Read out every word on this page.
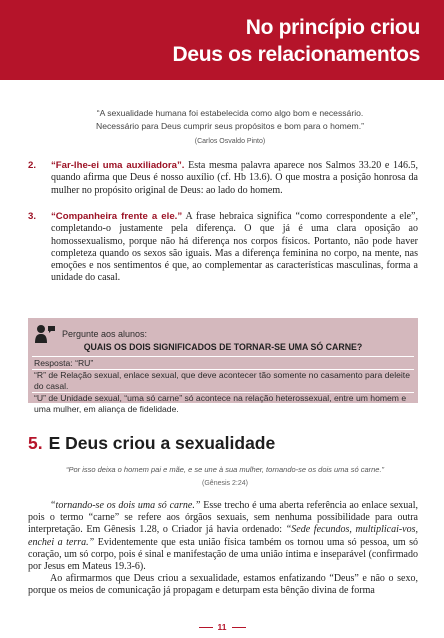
No princípio criou
Deus os relacionamentos
“A sexualidade humana foi estabelecida como algo bom e necessário.
Necessário para Deus cumprir seus propósitos e bom para o homem.”
(Carlos Osvaldo Pinto)
2. “Far-lhe-ei uma auxiliadora”. Esta mesma palavra aparece nos Salmos 33.20 e 146.5, quando afirma que Deus é nosso auxílio (cf. Hb 13.6). O que mostra a posição honrosa da mulher no propósito original de Deus: ao lado do homem.
3. “Companheira frente a ele.” A frase hebraica significa “como correspondente a ele”, completando-o justamente pela diferença. O que já é uma clara oposição ao homossexualismo, porque não há diferença nos corpos físicos. Portanto, não pode haver completeza quando os sexos são iguais. Mas a diferença feminina no corpo, na mente, nas emoções e nos sentimentos é que, ao complementar as características masculinas, forma a unidade do casal.
Pergunte aos alunos:
QUAIS OS DOIS SIGNIFICADOS DE TORNAR-SE UMA SÓ CARNE?
Resposta: “RU”
“R” de Relação sexual, enlace sexual, que deve acontecer tão somente no casamento para deleite do casal.
“U” de Unidade sexual, “uma só carne” só acontece na relação heterossexual, entre um homem e uma mulher, em aliança de fidelidade.
5. E Deus criou a sexualidade
“Por isso deixa o homem pai e mãe, e se une à sua mulher, tornando-se os dois uma só carne.”
(Gênesis 2:24)
“tornando-se os dois uma só carne.” Esse trecho é uma aberta referência ao enlace sexual, pois o termo “carne” se refere aos órgãos sexuais, sem nenhuma possibilidade para outra interpretação. Em Gênesis 1.28, o Criador já havia ordenado: “Sede fecundos, multiplicai-vos, enchei a terra.” Evidentemente que esta união física também os tornou uma só pessoa, um só coração, um só corpo, pois é sinal e manifestação de uma união íntima e inseparável (confirmado por Jesus em Mateus 19.3-6).
Ao afirmarmos que Deus criou a sexualidade, estamos enfatizando “Deus” e não o sexo, porque os meios de comunicação já propagam e deturpam esta bênção divina de forma
11
